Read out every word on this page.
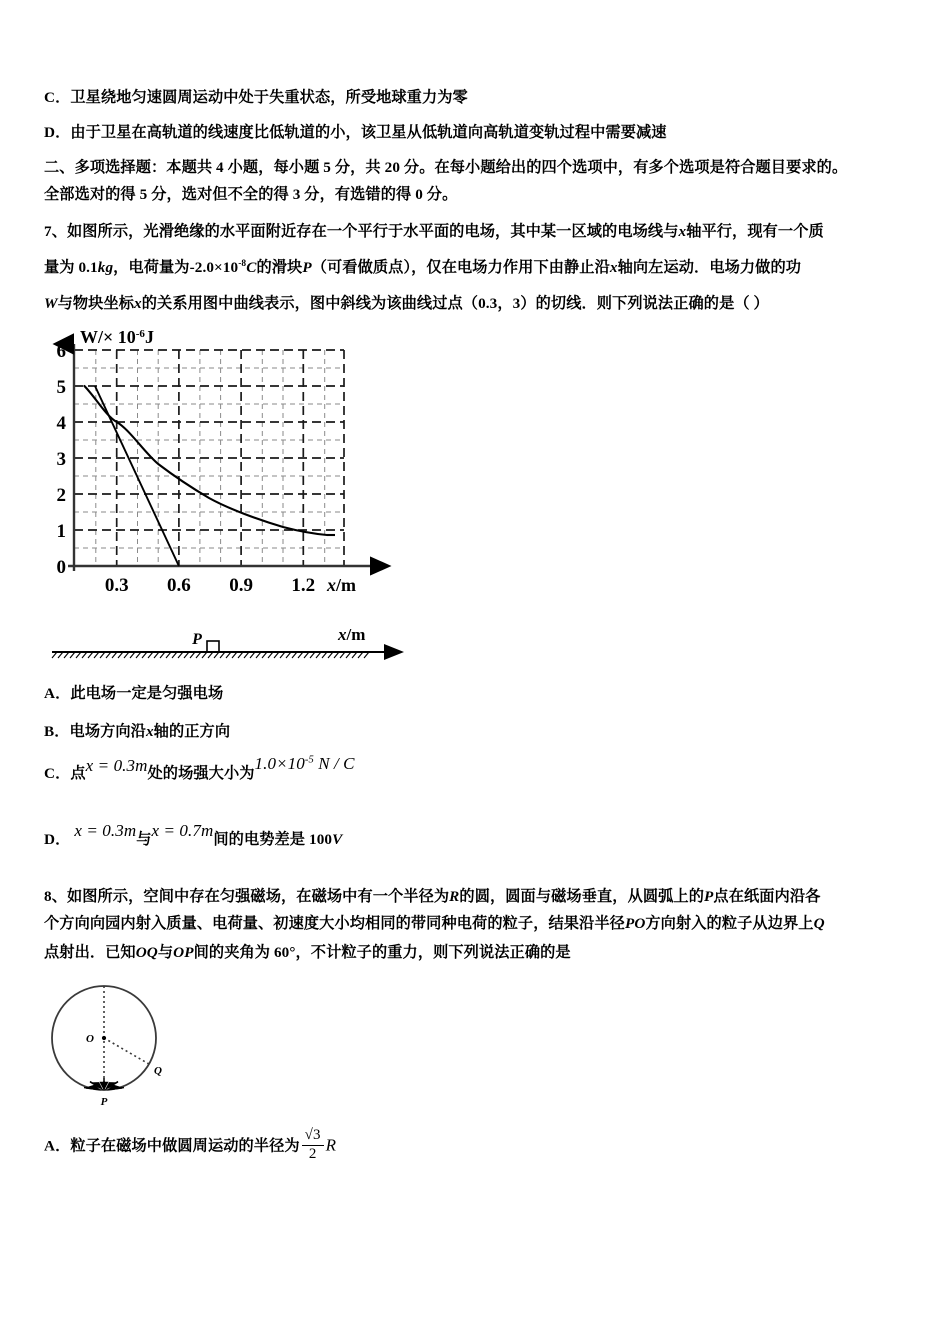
C．卫星绕地匀速圆周运动中处于失重状态，所受地球重力为零
D．由于卫星在高轨道的线速度比低轨道的小，该卫星从低轨道向高轨道变轨过程中需要减速
二、多项选择题：本题共 4 小题，每小题 5 分，共 20 分。在每小题给出的四个选项中，有多个选项是符合题目要求的。
全部选对的得 5 分，选对但不全的得 3 分，有选错的得 0 分。
7、如图所示，光滑绝缘的水平面附近存在一个平行于水平面的电场，其中某一区域的电场线与x轴平行，现有一个质
量为 0.1kg，电荷量为$-2.0\times 10^{-8}C$的滑块P（可看做质点），仅在电场力作用下由静止沿x轴向左运动．电场力做的功
W与物块坐标x的关系用图中曲线表示，图中斜线为该曲线过点（0.3，3）的切线．则下列说法正确的是（ ）
6
5
4
3
2
1
0
0.3 0.6 0.9 1.2 x/m
$W/\times 10^{-6}J$
P	x/m
A．此电场一定是匀强电场
B．电场方向沿x轴的正方向
C．点x = 0.3m处的场强大小为$1.0\times 10^{-5}$ N / C
D． x = 0.3m与x = 0.7m间的电势差是 100V
8、如图所示，空间中存在匀强磁场，在磁场中有一个半径为R的圆，圆面与磁场垂直，从圆弧上的P点在纸面内沿各
个方向向园内射入质量、电荷量、初速度大小均相同的带同种电荷的粒子，结果沿半径PO方向射入的粒子从边界上Q
点射出．已知OQ与OP间的夹角为 60°，不计粒子的重力，则下列说法正确的是
O
Q
P
A．粒子在磁场中做圆周运动的半径为 $\frac{√3}{2}$ R
